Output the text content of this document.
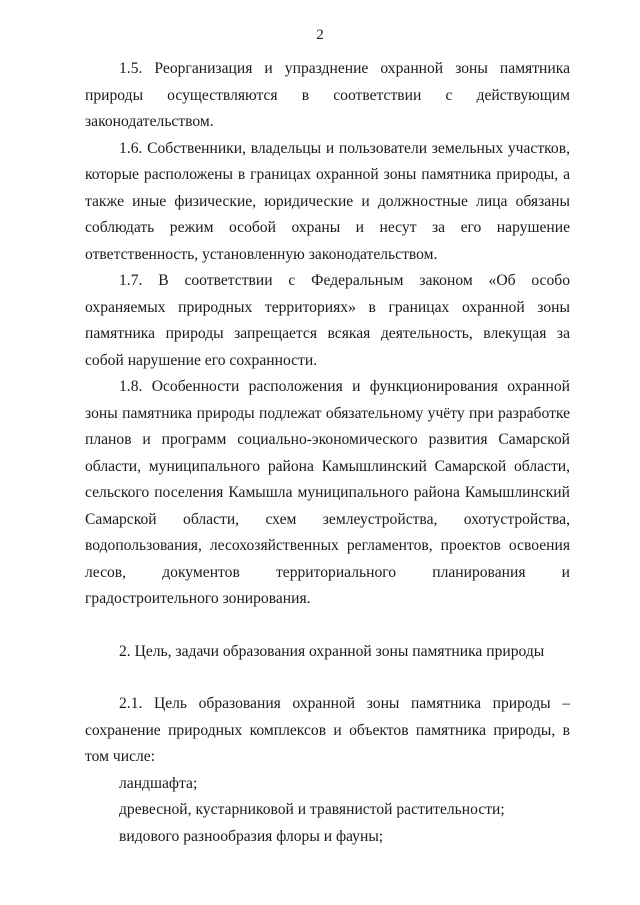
2

1.5. Реорганизация и упразднение охранной зоны памятника природы осуществляются в соответствии с действующим законодательством.

1.6. Собственники, владельцы и пользователи земельных участков, которые расположены в границах охранной зоны памятника природы, а также иные физические, юридические и должностные лица обязаны соблюдать режим особой охраны и несут за его нарушение ответственность, установленную законодательством.

1.7. В соответствии с Федеральным законом «Об особо охраняемых природных территориях» в границах охранной зоны памятника природы запрещается всякая деятельность, влекущая за собой нарушение его сохранности.

1.8. Особенности расположения и функционирования охранной зоны памятника природы подлежат обязательному учёту при разработке планов и программ социально-экономического развития Самарской области, муниципального района Камышлинский Самарской области, сельского поселения Камышла муниципального района Камышлинский Самарской области, схем землеустройства, охотустройства, водопользования, лесохозяйственных регламентов, проектов освоения лесов, документов территориального планирования и градостроительного зонирования.

2. Цель, задачи образования охранной зоны памятника природы

2.1. Цель образования охранной зоны памятника природы – сохранение природных комплексов и объектов памятника природы, в том числе:

ландшафта;

древесной, кустарниковой и травянистой растительности;

видового разнообразия флоры и фауны;
